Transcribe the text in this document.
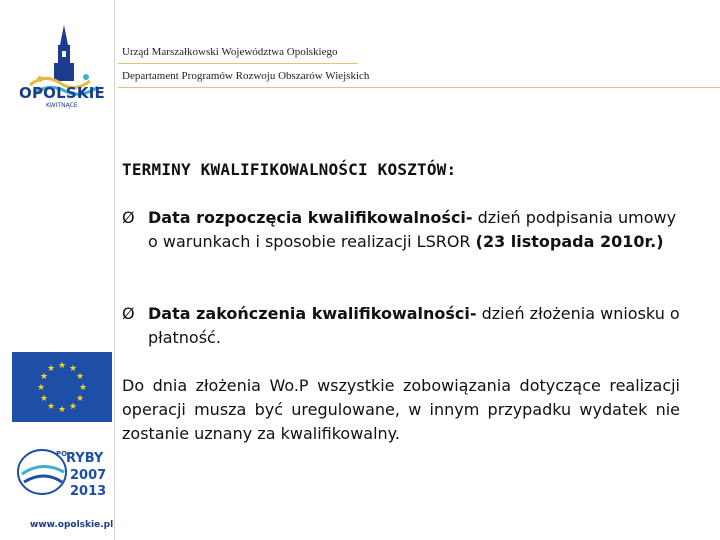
OPOLSKIE
KWITNĄCE
Urząd Marszałkowski Województwa Opolskiego
Departament Programów Rozwoju Obszarów Wiejskich
TERMINY KWALIFIKOWALNOŚCI KOSZTÓW:
Ø Data rozpoczęcia kwalifikowalności- dzień podpisania umowy o warunkach i sposobie realizacji LSROR (23 listopada 2010r.)
Ø Data zakończenia kwalifikowalności- dzień złożenia wniosku o płatność.
Do dnia złożenia Wo.P wszystkie zobowiązania dotyczące realizacji operacji musza być uregulowane, w innym przypadku wydatek nie zostanie uznany za kwalifikowalny.
★ ★
★
★
★
★
★
★
★
★
★
★
PO
RYBY
2007
2013
www.opolskie.pl
